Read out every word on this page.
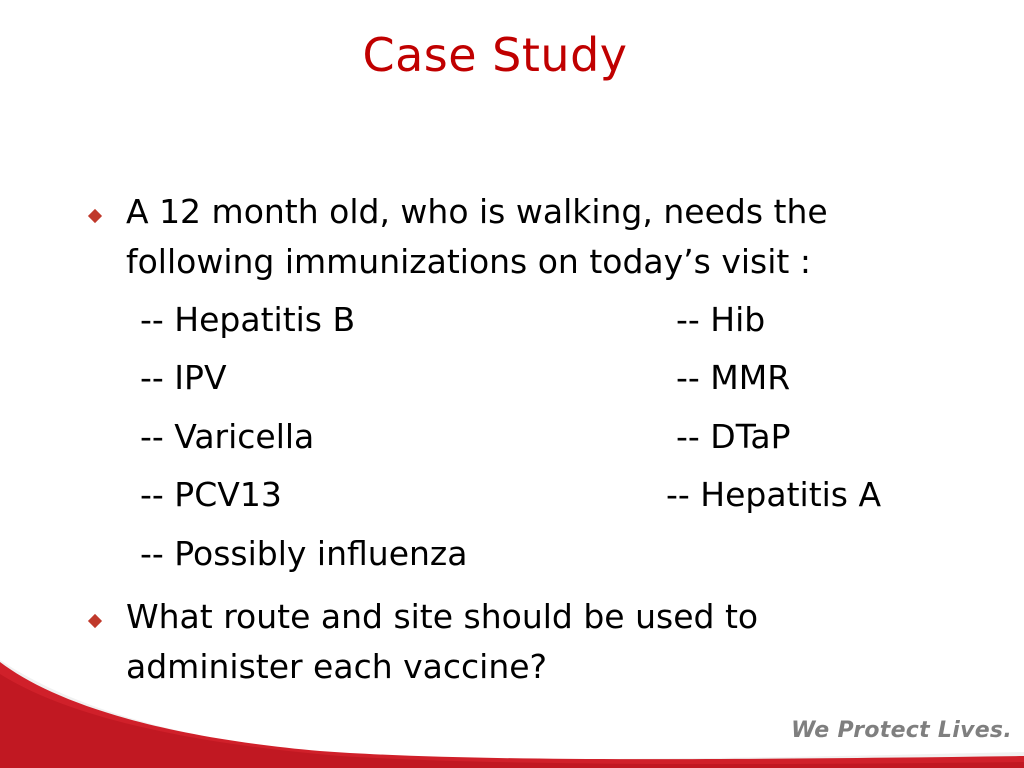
Case Study
A 12 month old, who is walking, needs the
following immunizations on today’s visit :
-- Hepatitis B
-- IPV
-- Varicella
-- PCV13
-- Possibly influenza
-- Hib
-- MMR
-- DTaP
-- Hepatitis A
What route and site should be used to
administer each vaccine?
We Protect Lives.
